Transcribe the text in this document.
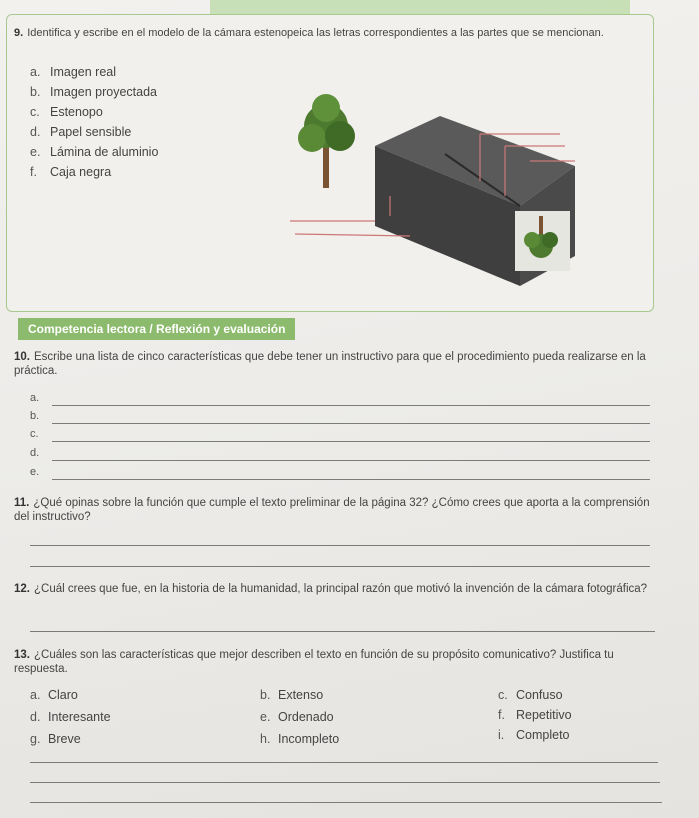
9. Identifica y escribe en el modelo de la cámara estenopeica las letras correspondientes a las partes que se mencionan.
a. Imagen real
b. Imagen proyectada
c. Estenopo
d. Papel sensible
e. Lámina de aluminio
f. Caja negra
Competencia lectora / Reflexión y evaluación
10. Escribe una lista de cinco características que debe tener un instructivo para que el procedimiento pueda realizarse en la práctica.
a.
b.
c.
d.
e.
11. ¿Qué opinas sobre la función que cumple el texto preliminar de la página 32? ¿Cómo crees que aporta a la comprensión del instructivo?
12. ¿Cuál crees que fue, en la historia de la humanidad, la principal razón que motivó la invención de la cámara fotográfica?
13. ¿Cuáles son las características que mejor describen el texto en función de su propósito comunicativo? Justifica tu respuesta.
a. Claro	b. Extenso	c. Confuso
d. Interesante	e. Ordenado	f. Repetitivo
g. Breve	h. Incompleto	i. Completo
